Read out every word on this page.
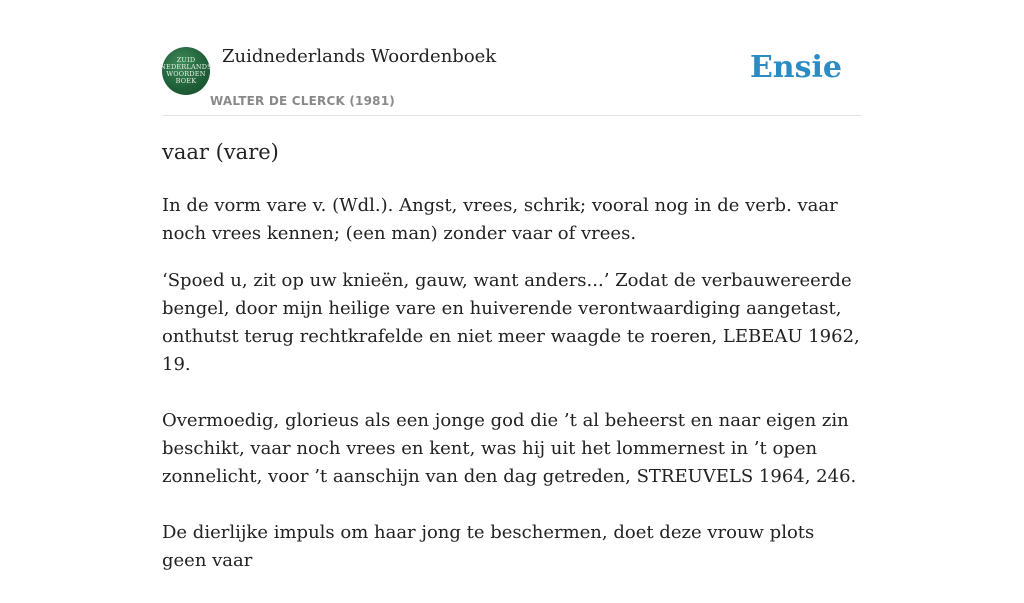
ZUID
NEDERLANDS
WOORDEN
BOEK
Zuidnederlands Woordenboek
WALTER DE CLERCK (1981)
Ensie
vaar (vare)

In de vorm vare v. (Wdl.). Angst, vrees, schrik; vooral nog in de verb. vaar noch vrees kennen; (een man) zonder vaar of vrees.

‘Spoed u, zit op uw knieën, gauw, want anders...’ Zodat de verbauwereerde bengel, door mijn heilige vare en huiverende verontwaardiging aangetast, onthutst terug rechtkrafelde en niet meer waagde te roeren, LEBEAU 1962, 19.

Overmoedig, glorieus als een jonge god die ’t al beheerst en naar eigen zin beschikt, vaar noch vrees en kent, was hij uit het lommernest in ’t open zonnelicht, voor ’t aanschijn van den dag getreden, STREUVELS 1964, 246.

De dierlijke impuls om haar jong te beschermen, doet deze vrouw plots geen vaar
